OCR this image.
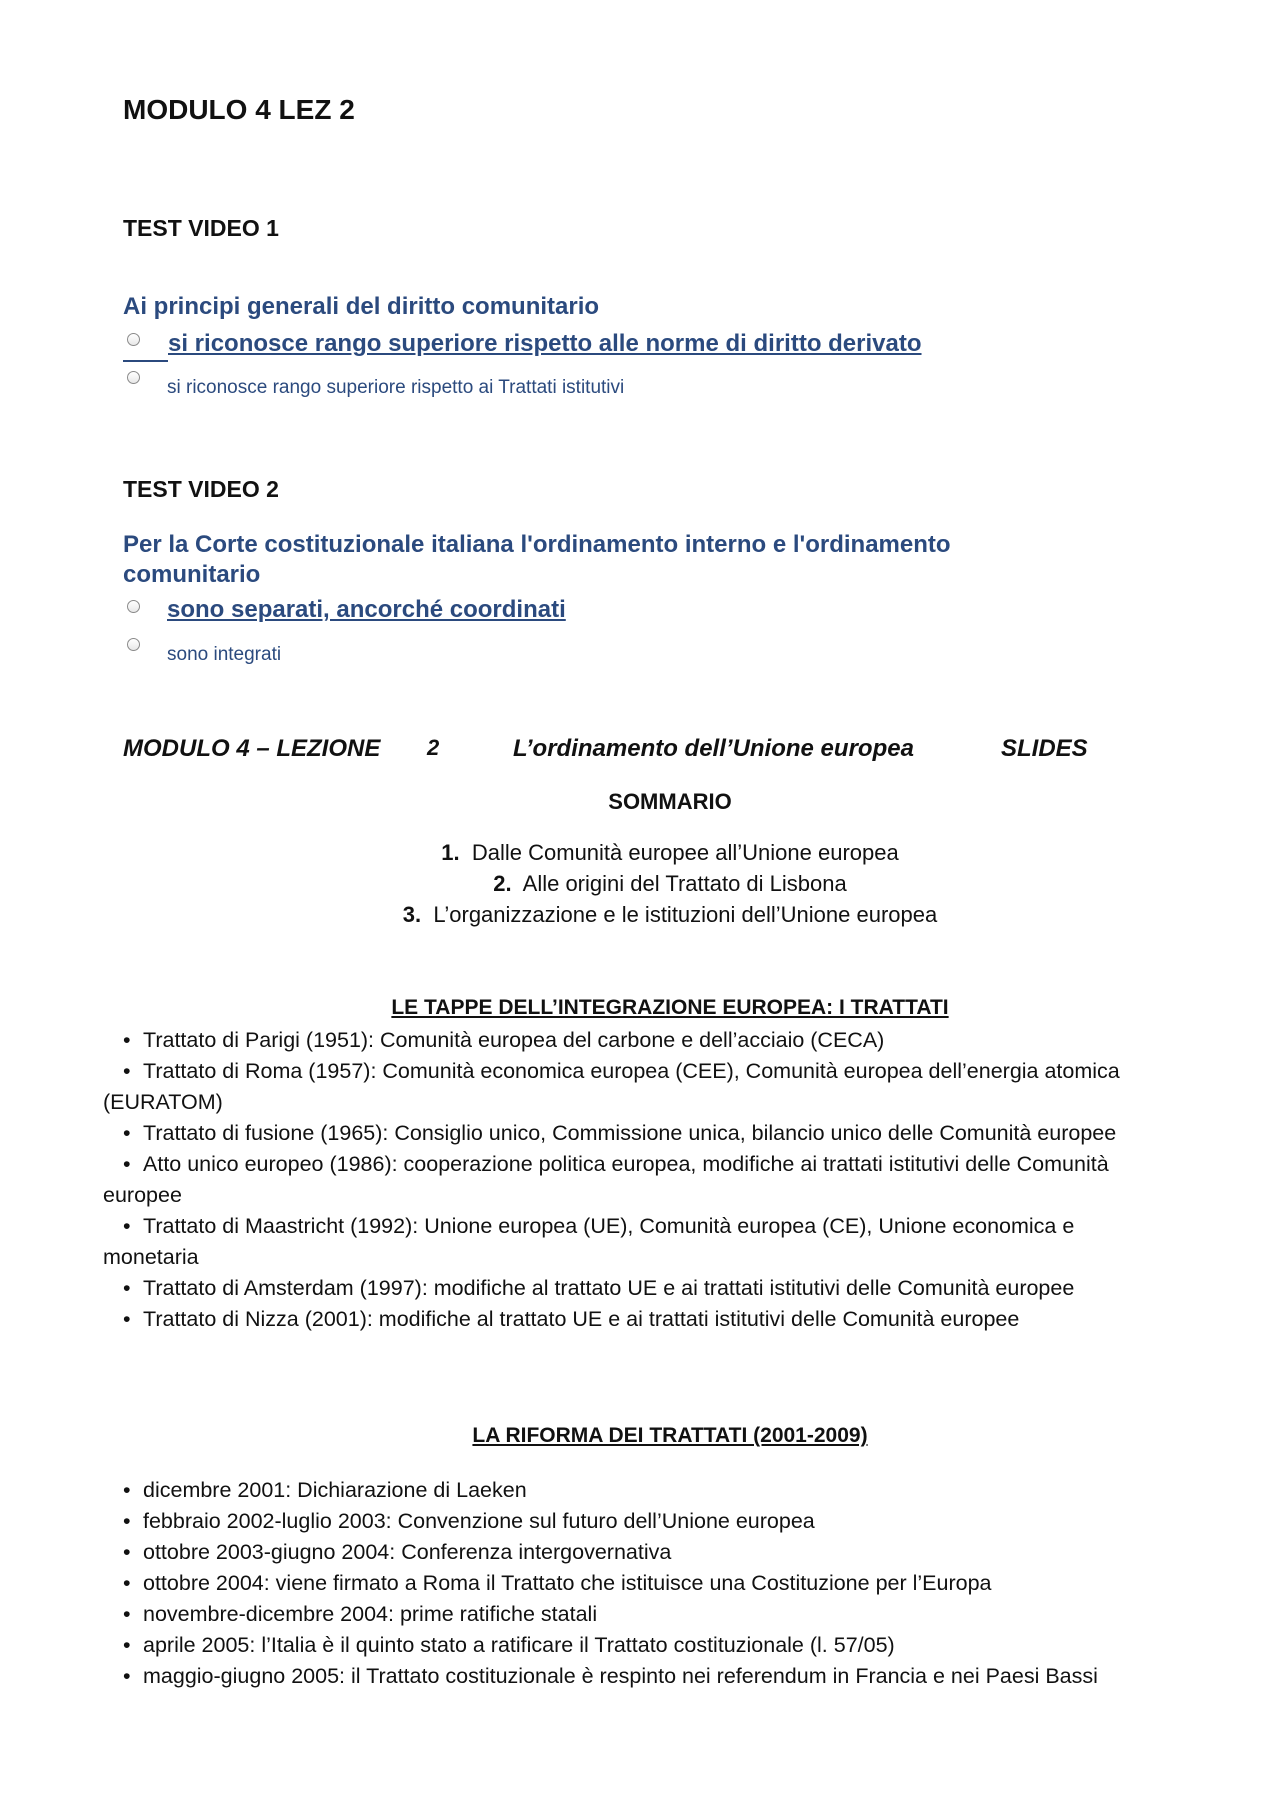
MODULO 4 LEZ 2
TEST VIDEO 1
Ai principi generali del diritto comunitario
si riconosce rango superiore rispetto alle norme di diritto derivato
si riconosce rango superiore rispetto ai Trattati istitutivi
TEST VIDEO 2
Per la Corte costituzionale italiana l'ordinamento interno e l'ordinamento
comunitario
sono separati, ancorché coordinati
sono integrati
MODULO 4 – LEZIONE 2	L’ordinamento dell’Unione europea	SLIDES
SOMMARIO
1. Dalle Comunità europee all’Unione europea
2. Alle origini del Trattato di Lisbona
3. L’organizzazione e le istituzioni dell’Unione europea
LE TAPPE DELL’INTEGRAZIONE EUROPEA: I TRATTATI
• Trattato di Parigi (1951): Comunità europea del carbone e dell’acciaio (CECA)
• Trattato di Roma (1957): Comunità economica europea (CEE), Comunità europea dell’energia atomica
(EURATOM)
• Trattato di fusione (1965): Consiglio unico, Commissione unica, bilancio unico delle Comunità europee
• Atto unico europeo (1986): cooperazione politica europea, modifiche ai trattati istitutivi delle Comunità
europee
• Trattato di Maastricht (1992): Unione europea (UE), Comunità europea (CE), Unione economica e
monetaria
• Trattato di Amsterdam (1997): modifiche al trattato UE e ai trattati istitutivi delle Comunità europee
• Trattato di Nizza (2001): modifiche al trattato UE e ai trattati istitutivi delle Comunità europee
LA RIFORMA DEI TRATTATI (2001-2009)
• dicembre 2001: Dichiarazione di Laeken
• febbraio 2002-luglio 2003: Convenzione sul futuro dell’Unione europea
• ottobre 2003-giugno 2004: Conferenza intergovernativa
• ottobre 2004: viene firmato a Roma il Trattato che istituisce una Costituzione per l’Europa
• novembre-dicembre 2004: prime ratifiche statali
• aprile 2005: l’Italia è il quinto stato a ratificare il Trattato costituzionale (l. 57/05)
• maggio-giugno 2005: il Trattato costituzionale è respinto nei referendum in Francia e nei Paesi Bassi
